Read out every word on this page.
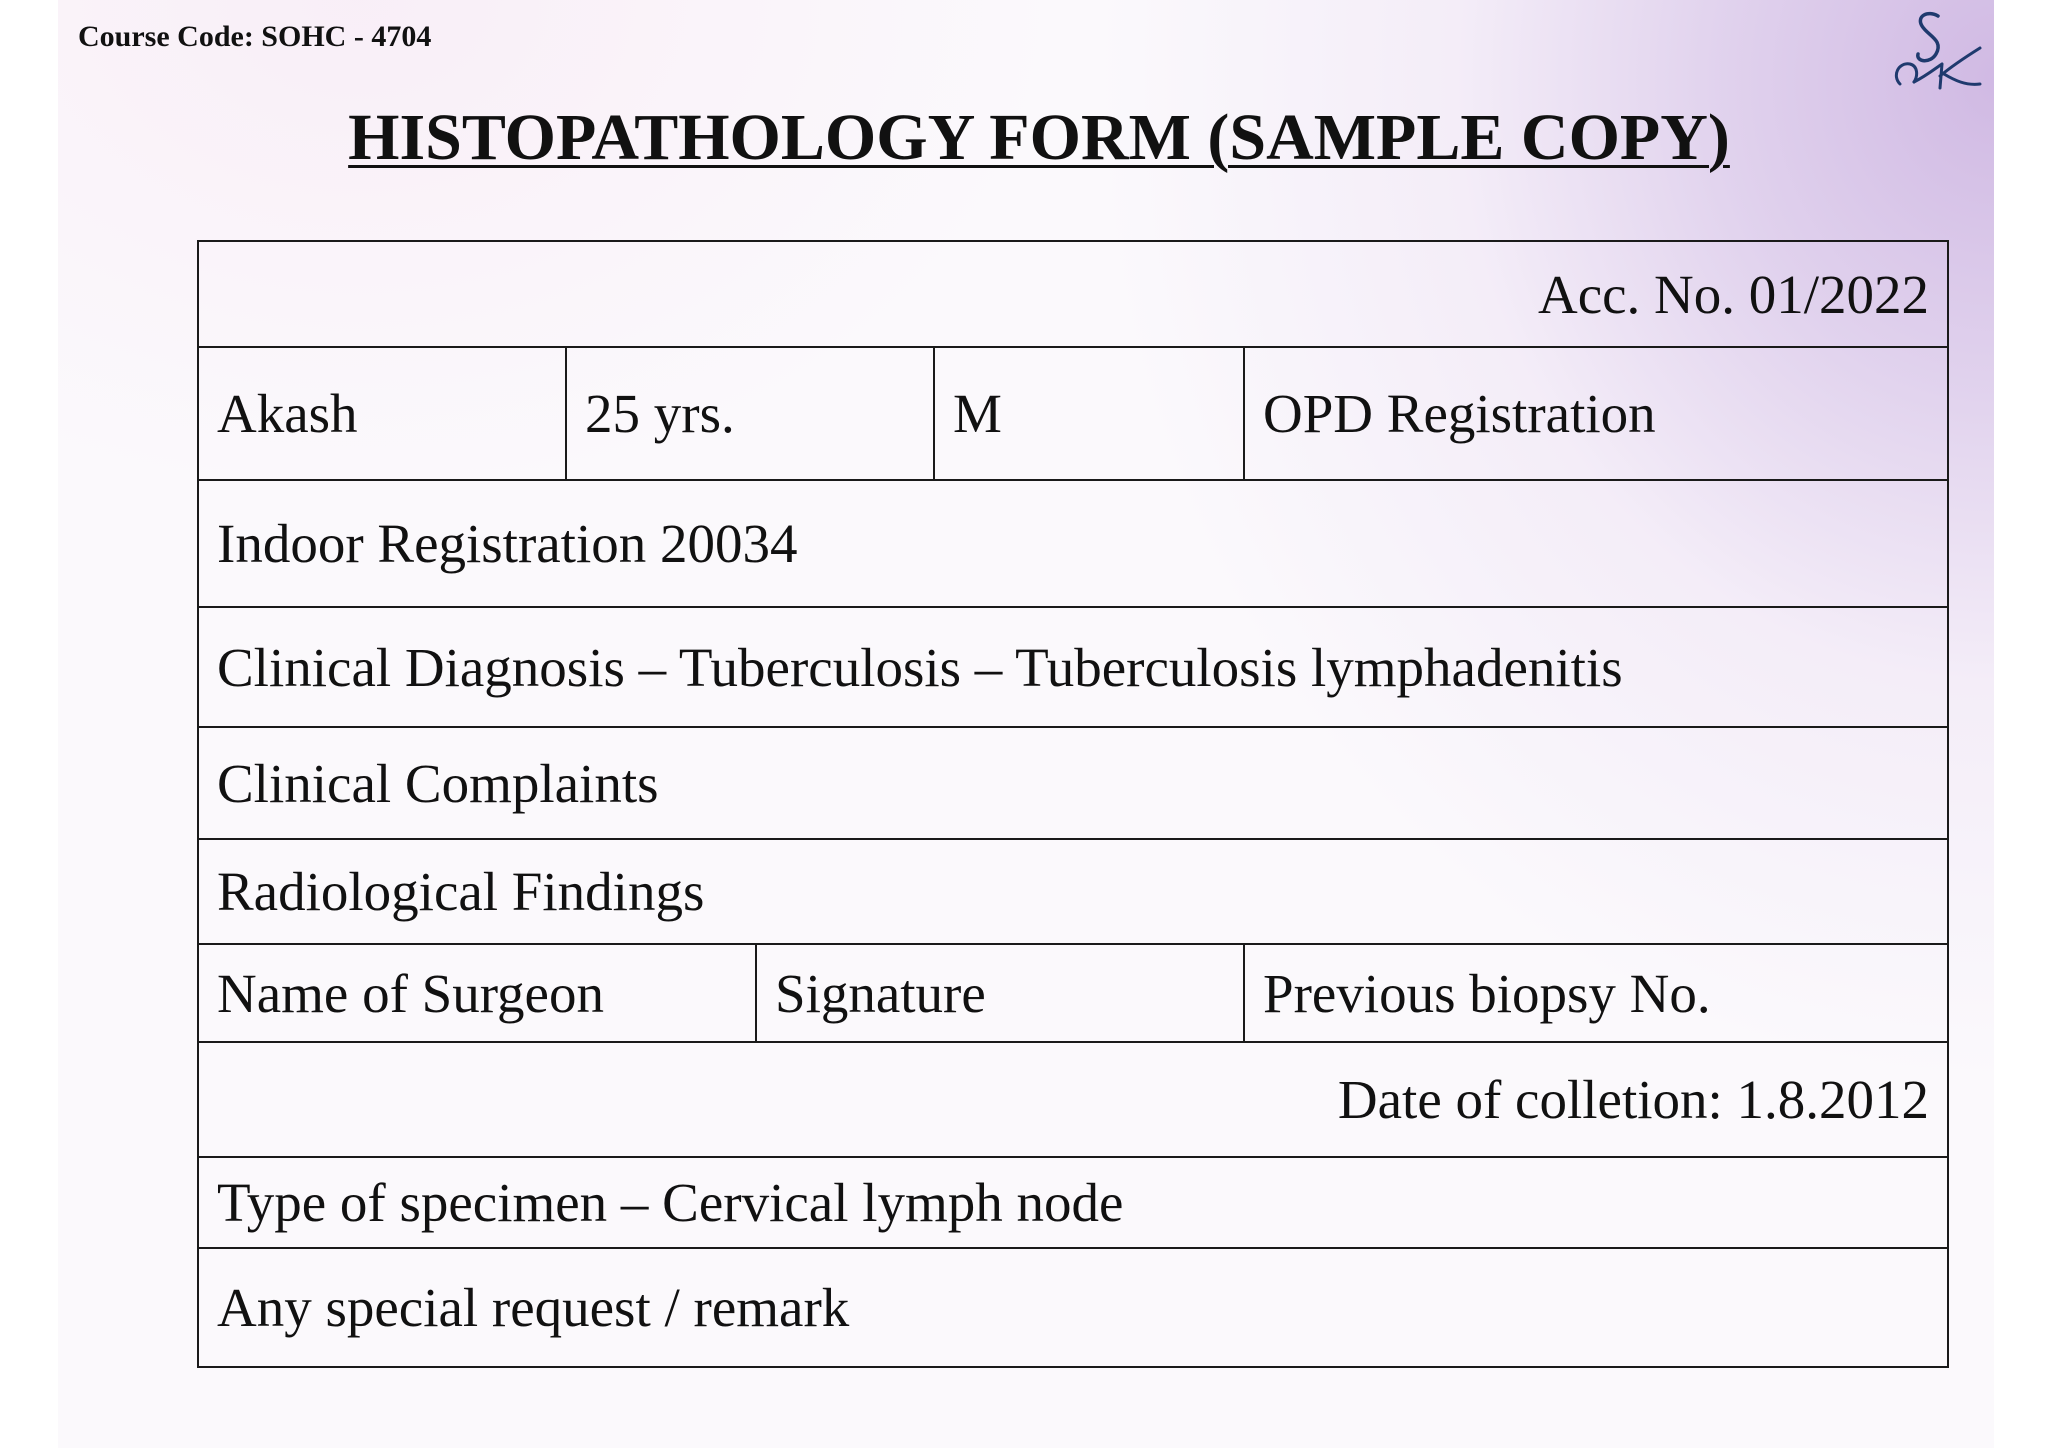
Course Code: SOHC - 4704
HISTOPATHOLOGY FORM (SAMPLE COPY)
Acc. No. 01/2022				
Akash	25 yrs.		M	OPD Registration
Indoor Registration 20034				
Clinical Diagnosis – Tuberculosis – Tuberculosis lymphadenitis				
Clinical Complaints				
Radiological Findings				
Name of Surgeon		Signature		Previous biopsy No.
Date of colletion: 1.8.2012				
Type of specimen – Cervical lymph node				
Any special request / remark				
